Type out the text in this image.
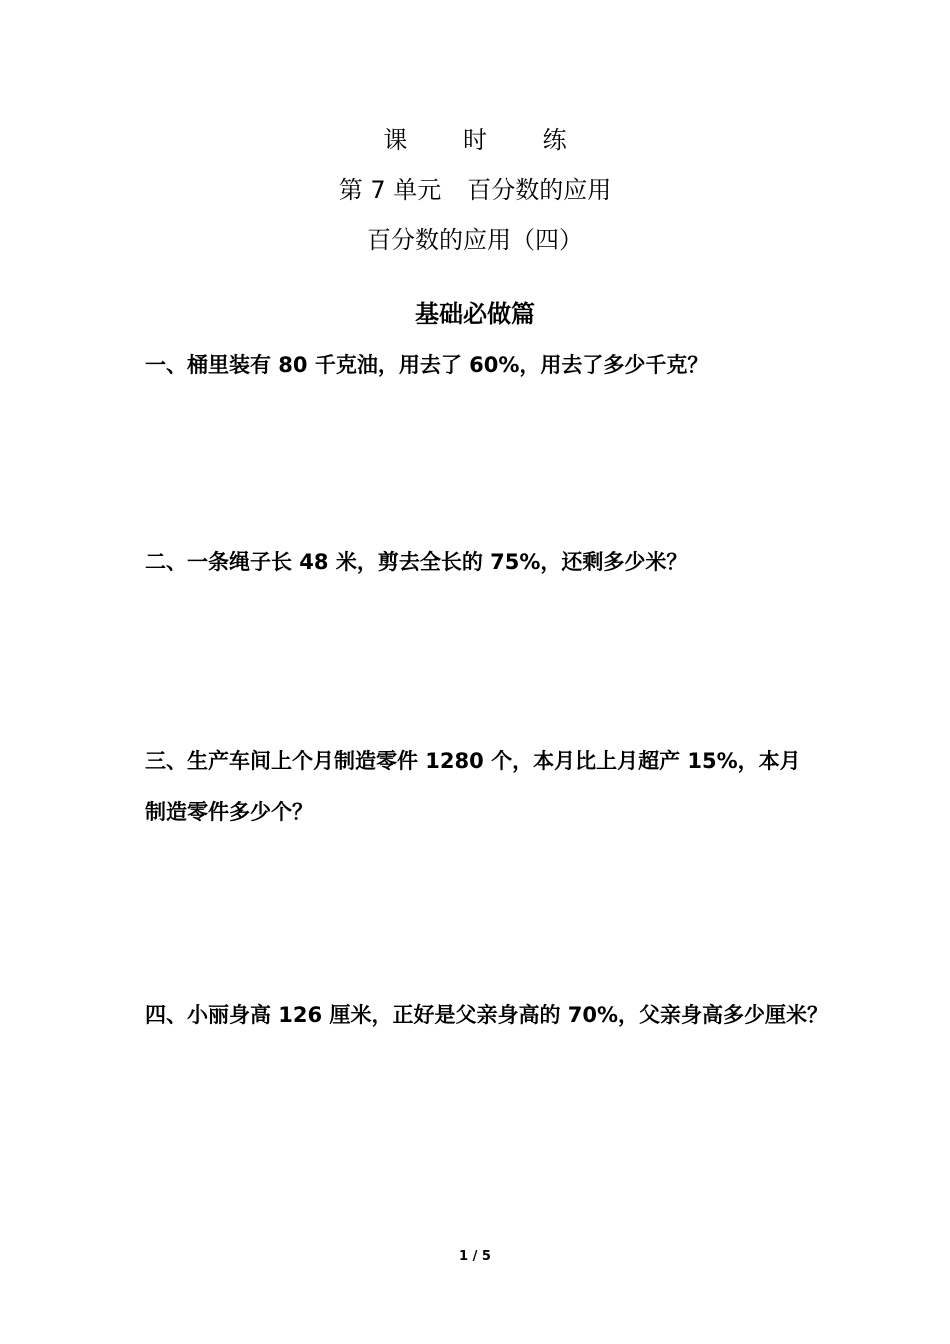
课 时 练
第 7 单元 百分数的应用
百分数的应用（四）
基础必做篇
一、桶里装有 80 千克油，用去了 60%，用去了多少千克？
二、一条绳子长 48 米，剪去全长的 75%，还剩多少米？
三、生产车间上个月制造零件 1280 个，本月比上月超产 15%，本月
制造零件多少个？
四、小丽身高 126 厘米，正好是父亲身高的 70%，父亲身高多少厘米？
1 / 5
